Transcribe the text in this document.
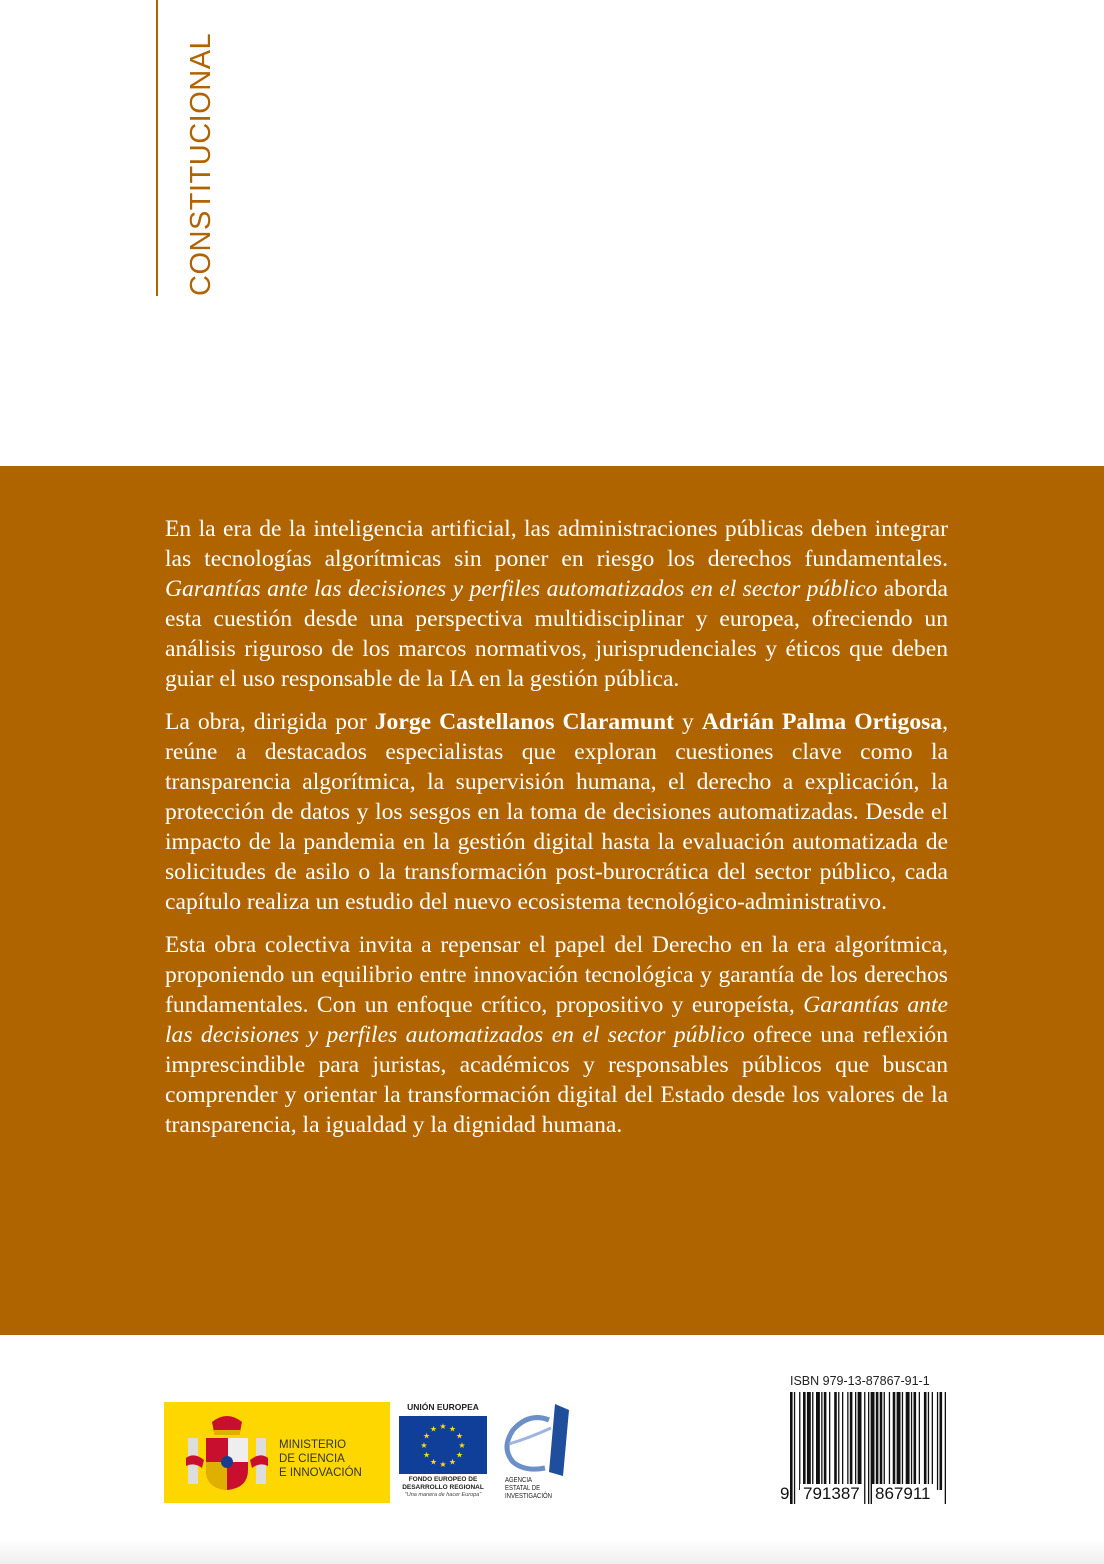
CONSTITUCIONAL

En la era de la inteligencia artificial, las administraciones públicas deben integrar las tecnologías algorítmicas sin poner en riesgo los derechos fundamentales. Garantías ante las decisiones y perfiles automatizados en el sector público aborda esta cuestión desde una perspectiva multidisciplinar y europea, ofreciendo un análisis riguroso de los marcos normativos, jurisprudenciales y éticos que deben guiar el uso responsable de la IA en la gestión pública.

La obra, dirigida por Jorge Castellanos Claramunt y Adrián Palma Ortigosa, reúne a destacados especialistas que exploran cuestiones clave como la transparencia algorítmica, la supervisión humana, el derecho a explicación, la protección de datos y los sesgos en la toma de decisiones automatizadas. Desde el impacto de la pandemia en la gestión digital hasta la evaluación automatizada de solicitudes de asilo o la transformación post-burocrática del sector público, cada capítulo realiza un estudio del nuevo ecosistema tecnológico-administrativo.

Esta obra colectiva invita a repensar el papel del Derecho en la era algorítmica, proponiendo un equilibrio entre innovación tecnológica y garantía de los derechos fundamentales. Con un enfoque crítico, propositivo y europeísta, Garantías ante las decisiones y perfiles automatizados en el sector público ofrece una reflexión imprescindible para juristas, académicos y responsables públicos que buscan comprender y orientar la transformación digital del Estado desde los valores de la transparencia, la igualdad y la dignidad humana.

MINISTERIO
DE CIENCIA
E INNOVACIÓN
UNIÓN EUROPEA
★ ★
★
★
★
★
★
★
★
★
★
★
FONDO EUROPEO DE
DESARROLLO REGIONAL
"Una manera de hacer Europa"
AGENCIA
ESTATAL DE
INVESTIGACIÓN
ISBN 979-13-87867-91-1
9 791387 867911
